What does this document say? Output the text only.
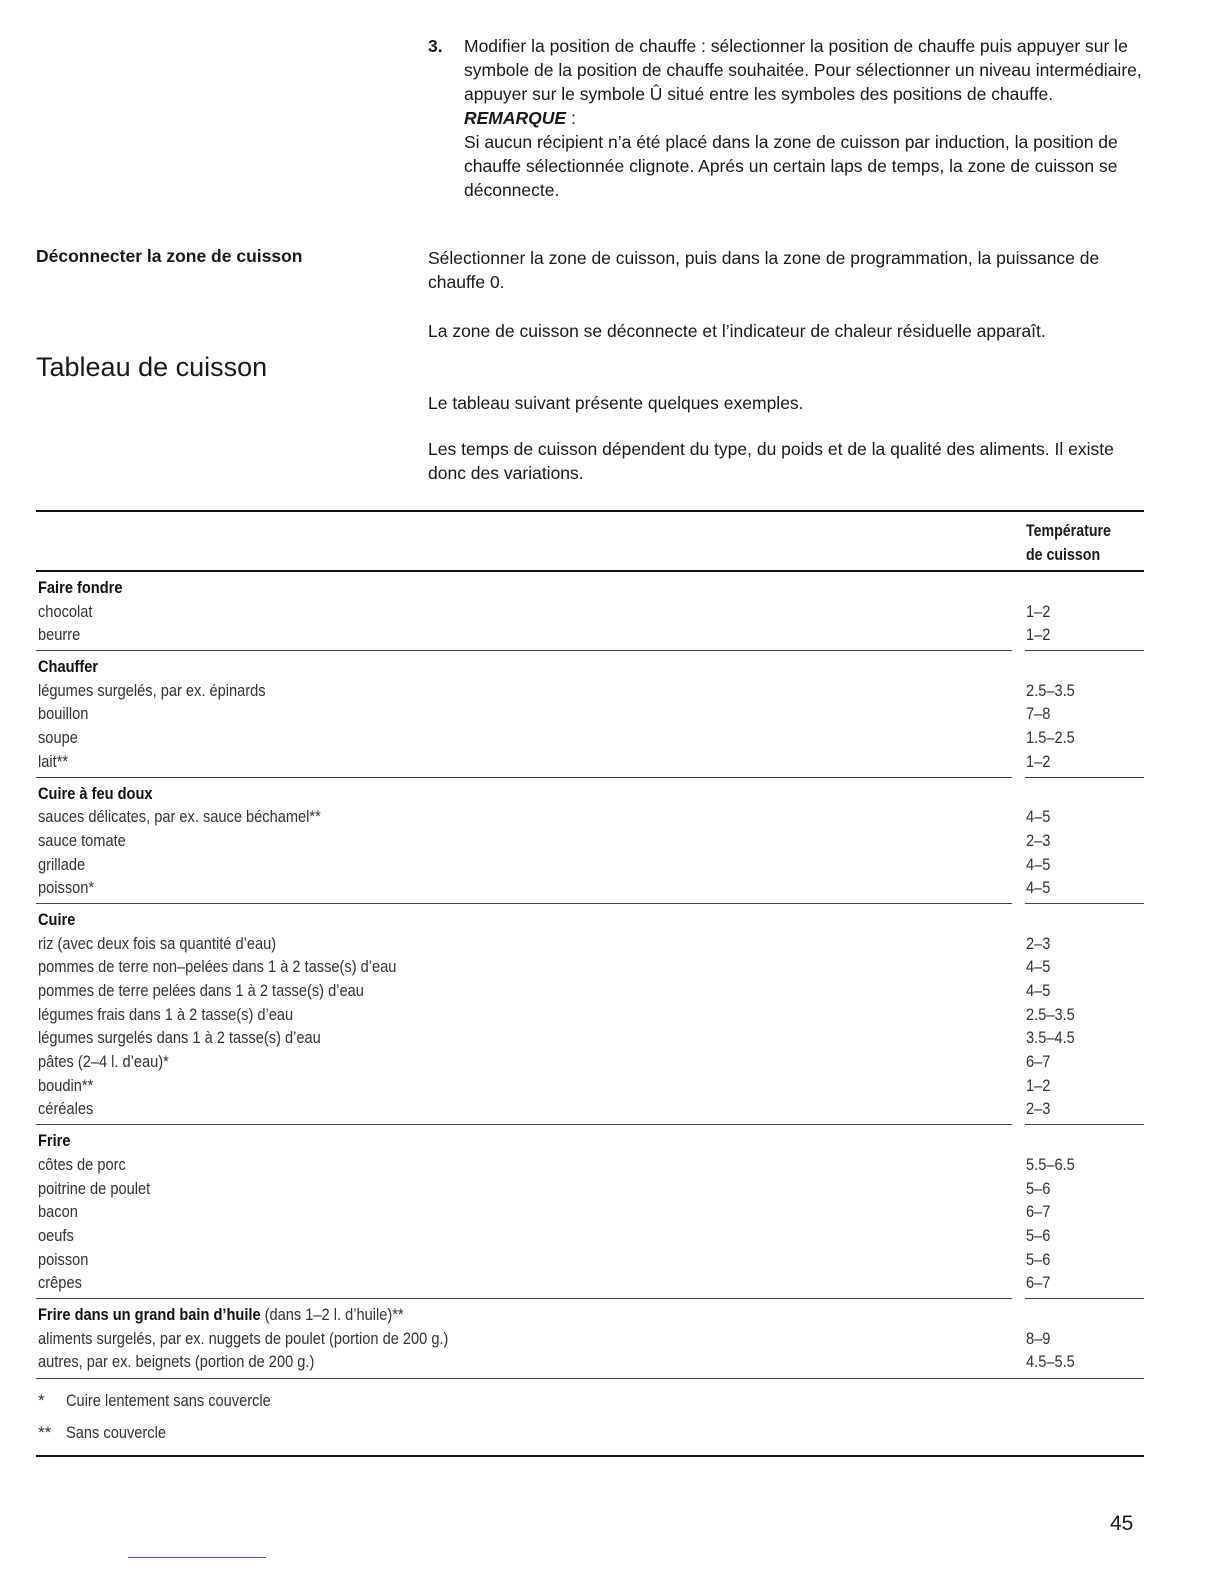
3. Modifier la position de chauffe : sélectionner la position de chauffe puis appuyer sur le symbole de la position de chauffe souhaitée. Pour sélectionner un niveau intermédiaire, appuyer sur le symbole Û situé entre les symboles des positions de chauffe.
REMARQUE :
Si aucun récipient n’a été placé dans la zone de cuisson par induction, la position de chauffe sélectionnée clignote. Aprés un certain laps de temps, la zone de cuisson se déconnecte.
Déconnecter la zone de cuisson	Sélectionner la zone de cuisson, puis dans la zone de programmation, la puissance de chauffe 0.
La zone de cuisson se déconnecte et l’indicateur de chaleur résiduelle apparaît.
Tableau de cuisson
Le tableau suivant présente quelques exemples.
Les temps de cuisson dépendent du type, du poids et de la qualité des aliments. Il existe donc des variations.
Température de cuisson
Faire fondre
chocolat	1–2
beurre	1–2
Chauffer
légumes surgelés, par ex. épinards	2.5–3.5
bouillon	7–8
soupe	1.5–2.5
lait**	1–2
Cuire à feu doux
sauces délicates, par ex. sauce béchamel**	4–5
sauce tomate	2–3
grillade	4–5
poisson*	4–5
Cuire
riz (avec deux fois sa quantité d’eau)	2–3
pommes de terre non–pelées dans 1 à 2 tasse(s) d’eau	4–5
pommes de terre pelées dans 1 à 2 tasse(s) d’eau	4–5
légumes frais dans 1 à 2 tasse(s) d’eau	2.5–3.5
légumes surgelés dans 1 à 2 tasse(s) d’eau	3.5–4.5
pâtes (2–4 l. d’eau)*	6–7
boudin**	1–2
céréales	2–3
Frire
côtes de porc	5.5–6.5
poitrine de poulet	5–6
bacon	6–7
oeufs	5–6
poisson	5–6
crêpes	6–7
Frire dans un grand bain d’huile (dans 1–2 l. d’huile)**
aliments surgelés, par ex. nuggets de poulet (portion de 200 g.)	8–9
autres, par ex. beignets (portion de 200 g.)	4.5–5.5
* Cuire lentement sans couvercle
** Sans couvercle
45
